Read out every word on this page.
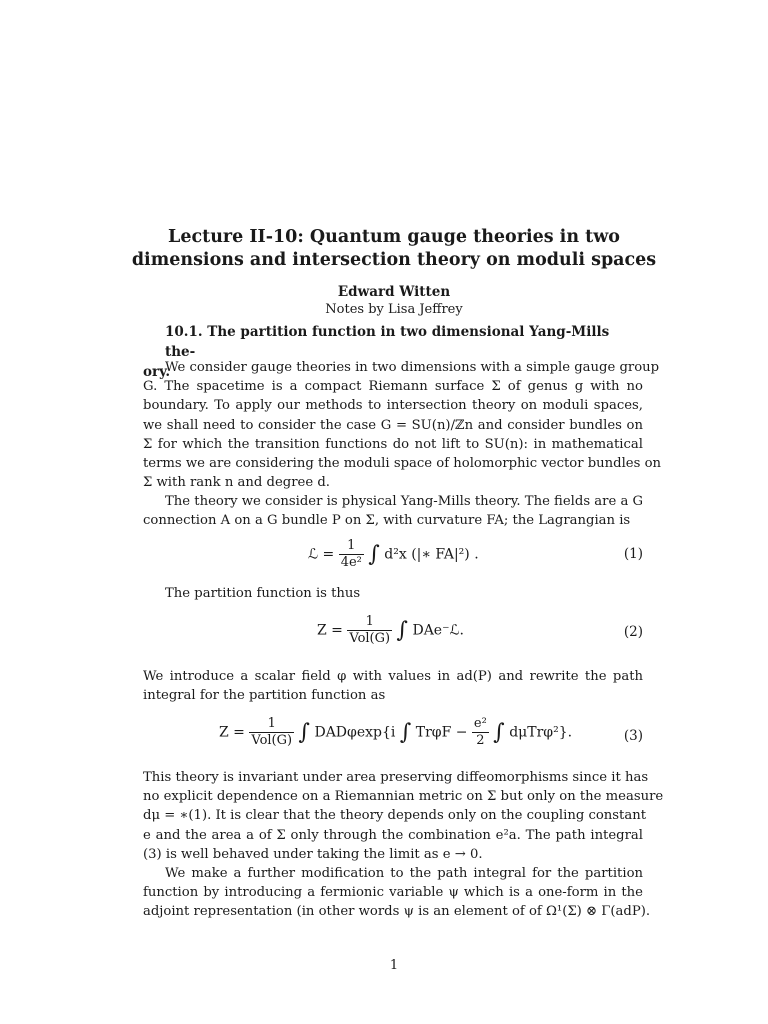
Lecture II-10: Quantum gauge theories in two
dimensions and intersection theory on moduli spaces
Edward Witten
Notes by Lisa Jeffrey
10.1. The partition function in two dimensional Yang-Mills the-
ory.
We consider gauge theories in two dimensions with a simple gauge group
G. The spacetime is a compact Riemann surface Σ of genus g with no
boundary. To apply our methods to intersection theory on moduli spaces,
we shall need to consider the case G = SU(n)/ℤn and consider bundles on
Σ for which the transition functions do not lift to SU(n): in mathematical
terms we are considering the moduli space of holomorphic vector bundles on
Σ with rank n and degree d.
The theory we consider is physical Yang-Mills theory. The fields are a G
connection A on a G bundle P on Σ, with curvature FA; the Lagrangian is
ℒ = $\frac{1}{\text{4e²}}$ ∫ d²x (|∗ FA|²) .	(1)
The partition function is thus
$Z = \frac{1}{\text{Vol(G)}}$ ∫ DAe⁻ℒ.	(2)
We introduce a scalar field φ with values in ad(P) and rewrite the path
integral for the partition function as
$Z = \frac{1}{\text{Vol(G)}}$ ∫ DADφexp{i ∫ $Tr\varphi F - \frac{\text{e²}}{2}$ ∫ dμTrφ²}.	(3)
This theory is invariant under area preserving diffeomorphisms since it has
no explicit dependence on a Riemannian metric on Σ but only on the measure
dμ = ∗(1). It is clear that the theory depends only on the coupling constant
e and the area a of Σ only through the combination e²a. The path integral
(3) is well behaved under taking the limit as e → 0.
We make a further modification to the path integral for the partition
function by introducing a fermionic variable ψ which is a one-form in the
adjoint representation (in other words ψ is an element of of Ω¹(Σ) ⊗ Γ(adP).
1
